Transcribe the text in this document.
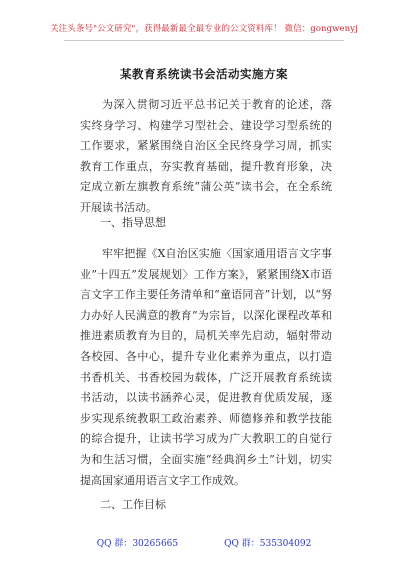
关注头条号"公文研究"，获得最新最全最专业的公文资料库！ 微信：gongwenyj
某教育系统读书会活动实施方案
为深入贯彻习近平总书记关于教育的论述，落实终身学习、构建学习型社会、建设学习型系统的工作要求，紧紧围绕自治区全民终身学习周，抓实教育工作重点，夯实教育基础，提升教育形象，决定成立新左旗教育系统“蒲公英”读书会，在全系统开展读书活动。
一、指导思想
牢牢把握《X自治区实施〈国家通用语言文字事业”十四五”发展规划〉工作方案》，紧紧围绕X市语言文字工作主要任务清单和“童语同音”计划，以“努力办好人民满意的教育”为宗旨，以深化课程改革和推进素质教育为目的，局机关率先启动，辐射带动各校园、各中心，提升专业化素养为重点，以打造书香机关、书香校园为载体，广泛开展教育系统读书活动，以读书涵养心灵，促进教育优质发展，逐步实现系统教职工政治素养、师德修养和教学技能的综合提升，让读书学习成为广大教职工的自觉行为和生活习惯，全面实施“经典润乡土”计划，切实提高国家通用语言文字工作成效。
二、工作目标
QQ 群：30265665	QQ 群：535304092
